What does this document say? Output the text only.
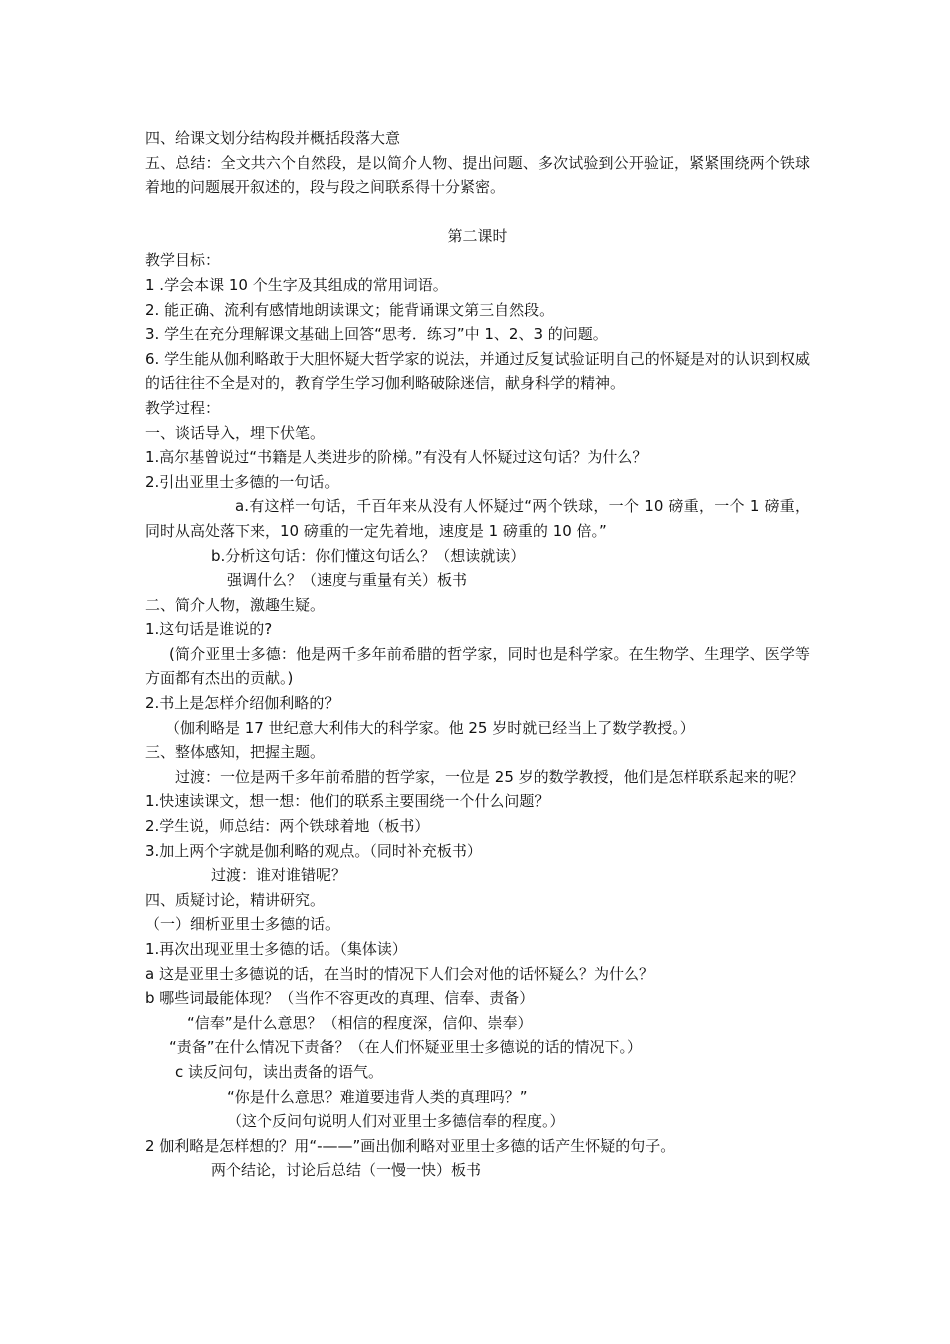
四、给课文划分结构段并概括段落大意
五、总结：全文共六个自然段，是以简介人物、提出问题、多次试验到公开验证，紧紧围绕两个铁球着地的问题展开叙述的，段与段之间联系得十分紧密。
第二课时
教学目标：
1 .学会本课 10 个生字及其组成的常用词语。
2. 能正确、流利有感情地朗读课文；能背诵课文第三自然段。
3. 学生在充分理解课文基础上回答“思考．练习”中 1、2、3 的问题。
6. 学生能从伽利略敢于大胆怀疑大哲学家的说法，并通过反复试验证明自己的怀疑是对的认识到权威的话往往不全是对的，教育学生学习伽利略破除迷信，献身科学的精神。
教学过程：
一、谈话导入，埋下伏笔。
1.高尔基曾说过“书籍是人类进步的阶梯。”有没有人怀疑过这句话？为什么？
2.引出亚里士多德的一句话。
a.有这样一句话，千百年来从没有人怀疑过“两个铁球，一个 10 磅重，一个 1 磅重，同时从高处落下来，10 磅重的一定先着地，速度是 1 磅重的 10 倍。”
b.分析这句话：你们懂这句话么？（想读就读）
强调什么？（速度与重量有关）板书
二、简介人物，激趣生疑。
1.这句话是谁说的?
(简介亚里士多德：他是两千多年前希腊的哲学家，同时也是科学家。在生物学、生理学、医学等方面都有杰出的贡献。)
2.书上是怎样介绍伽利略的？
（伽利略是 17 世纪意大利伟大的科学家。他 25 岁时就已经当上了数学教授。）
三、整体感知，把握主题。
过渡：一位是两千多年前希腊的哲学家，一位是 25 岁的数学教授，他们是怎样联系起来的呢？
1.快速读课文，想一想：他们的联系主要围绕一个什么问题？
2.学生说，师总结：两个铁球着地（板书）
3.加上两个字就是伽利略的观点。（同时补充板书）
过渡：谁对谁错呢？
四、质疑讨论，精讲研究。
（一）细析亚里士多德的话。
1.再次出现亚里士多德的话。（集体读）
a 这是亚里士多德说的话，在当时的情况下人们会对他的话怀疑么？为什么？
b 哪些词最能体现？（当作不容更改的真理、信奉、责备）
“信奉”是什么意思？（相信的程度深，信仰、崇奉）
“责备”在什么情况下责备？（在人们怀疑亚里士多德说的话的情况下。）
c 读反问句，读出责备的语气。
“你是什么意思？难道要违背人类的真理吗？”
（这个反问句说明人们对亚里士多德信奉的程度。）
2 伽利略是怎样想的？用“-——”画出伽利略对亚里士多德的话产生怀疑的句子。
两个结论，讨论后总结（一慢一快）板书
